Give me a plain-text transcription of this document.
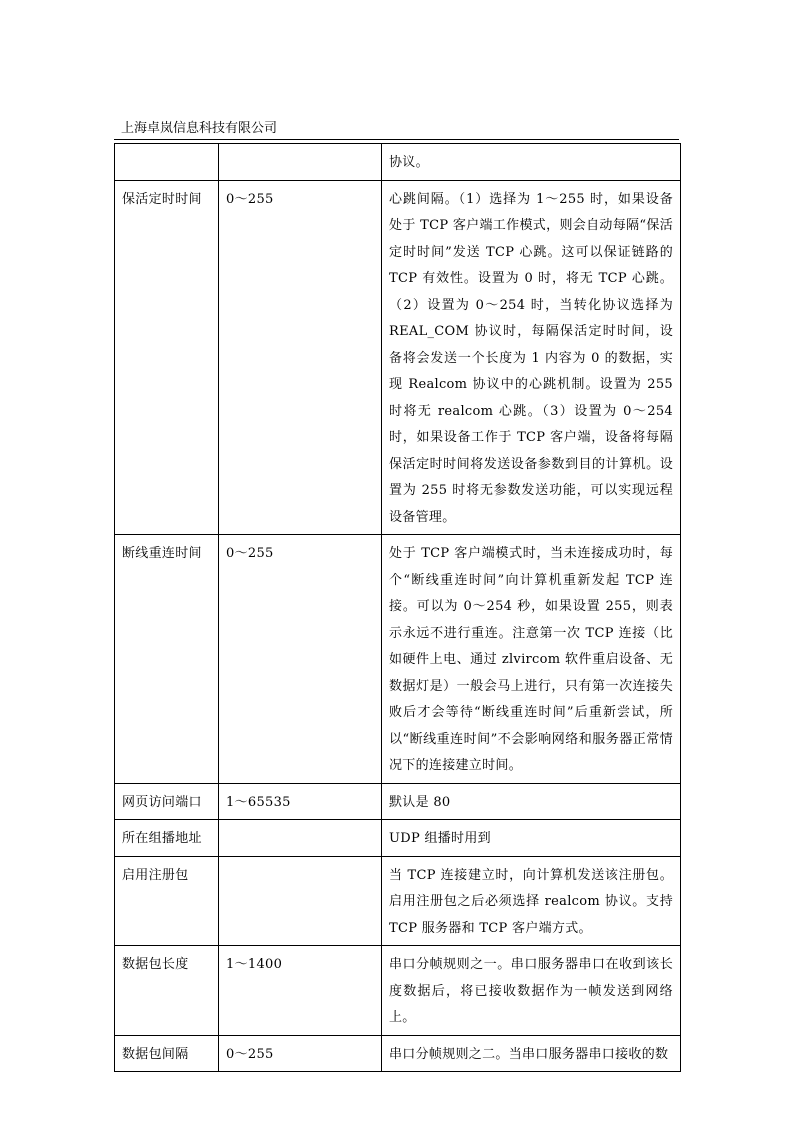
上海卓岚信息科技有限公司
		协议。
保活定时时间	0～255	心跳间隔。（1）选择为 1～255 时，如果设备处于 TCP 客户端工作模式，则会自动每隔“保活定时时间”发送 TCP 心跳。这可以保证链路的 TCP 有效性。设置为 0 时，将无 TCP 心跳。（2）设置为 0～254 时，当转化协议选择为 REAL_COM 协议时，每隔保活定时时间，设备将会发送一个长度为 1 内容为 0 的数据，实现 Realcom 协议中的心跳机制。设置为 255 时将无 realcom 心跳。（3）设置为 0～254 时，如果设备工作于 TCP 客户端，设备将每隔保活定时时间将发送设备参数到目的计算机。设置为 255 时将无参数发送功能，可以实现远程设备管理。
断线重连时间	0～255	处于 TCP 客户端模式时，当未连接成功时，每个“断线重连时间”向计算机重新发起 TCP 连接。可以为 0～254 秒，如果设置 255，则表示永远不进行重连。注意第一次 TCP 连接（比如硬件上电、通过 zlvircom 软件重启设备、无数据灯是）一般会马上进行，只有第一次连接失败后才会等待“断线重连时间”后重新尝试，所以“断线重连时间”不会影响网络和服务器正常情况下的连接建立时间。
网页访问端口	1～65535	默认是 80
所在组播地址		UDP 组播时用到
启用注册包		当 TCP 连接建立时，向计算机发送该注册包。启用注册包之后必须选择 realcom 协议。支持 TCP 服务器和 TCP 客户端方式。
数据包长度	1～1400	串口分帧规则之一。串口服务器串口在收到该长度数据后，将已接收数据作为一帧发送到网络上。
数据包间隔	0～255	串口分帧规则之二。当串口服务器串口接收的数
